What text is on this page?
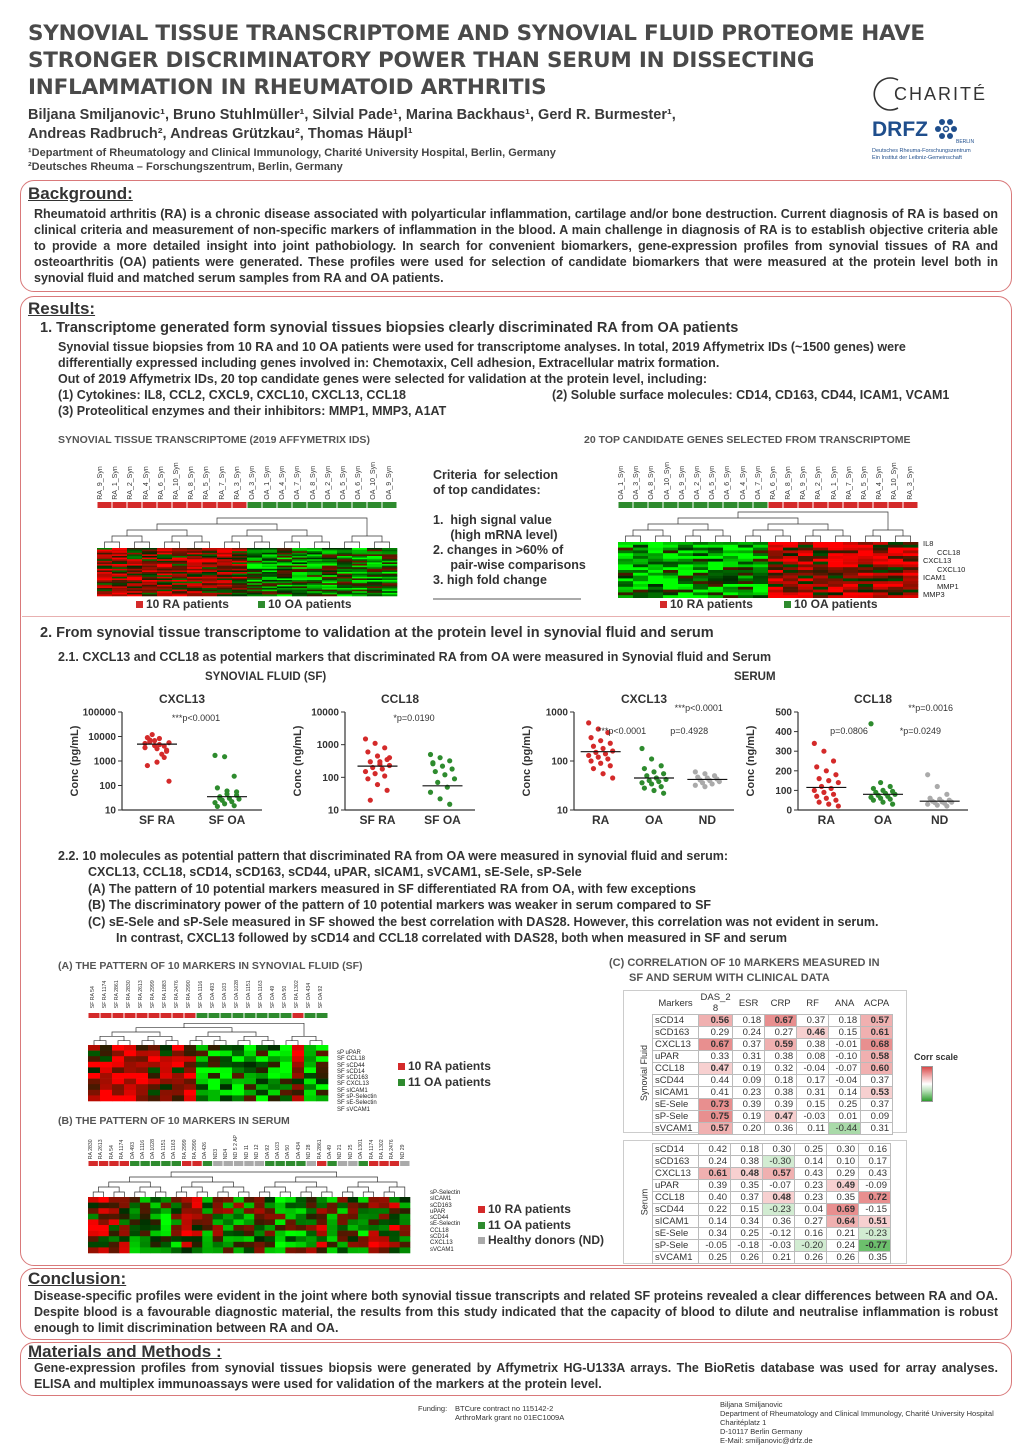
SYNOVIAL TISSUE TRANSCRIPTOME AND SYNOVIAL FLUID PROTEOME HAVE STRONGER DISCRIMINATORY POWER THAN SERUM IN DISSECTING INFLAMMATION IN RHEUMATOID ARTHRITIS
Biljana Smiljanovic¹, Bruno Stuhlmüller¹, Silvial Pade¹, Marina Backhaus¹, Gerd R. Burmester¹,
Andreas Radbruch², Andreas Grützkau², Thomas Häupl¹
¹Department of Rheumatology and Clinical Immunology, Charité University Hospital, Berlin, Germany
²Deutsches Rheuma – Forschungszentrum, Berlin, Germany
CHARITÉ
DRFZ
BERLIN
Deutsches Rheuma-Forschungszentrum
Ein Institut der Leibniz-Gemeinschaft
Background:
Rheumatoid arthritis (RA) is a chronic disease associated with polyarticular inflammation, cartilage and/or bone destruction. Current diagnosis of RA is based on clinical criteria and measurement of non-specific markers of inflammation in the blood. A main challenge in diagnosis of RA is to establish objective criteria able to provide a more detailed insight into joint pathobiology. In search for convenient biomarkers, gene-expression profiles from synovial tissues of RA and osteoarthritis (OA) patients were generated. These profiles were used for selection of candidate biomarkers that were measured at the protein level both in synovial fluid and matched serum samples from RA and OA patients.
Results:
1. Transcriptome generated form synovial tissues biopsies clearly discriminated RA from OA patients
Synovial tissue biopsies from 10 RA and 10 OA patients were used for transcriptome analyses. In total, 2019 Affymetrix IDs (~1500 genes) were
differentially expressed including genes involved in: Chemotaxix, Cell adhesion, Extracellular matrix formation.
Out of 2019 Affymetrix IDs, 20 top candidate genes were selected for validation at the protein level, including:
(1) Cytokines: IL8, CCL2, CXCL9, CXCL10, CXCL13, CCL18	(2) Soluble surface molecules: CD14, CD163, CD44, ICAM1, VCAM1
(3) Proteolitical enzymes and their inhibitors: MMP1, MMP3, A1AT
SYNOVIAL TISSUE TRANSCRIPTOME (2019 AFFYMETRIX IDS)	20 TOP CANDIDATE GENES SELECTED FROM TRANSCRIPTOME
RA_9_Syn	RA_1_Syn	RA_2_Syn	RA_4_Syn	RA_6_Syn	RA_10_Syn	RA_8_Syn	RA_5_Syn	RA_7_Syn	RA_3_Syn	OA_3_Syn	OA_1_Syn	OA_4_Syn	OA_7_Syn	OA_8_Syn	OA_2_Syn	OA_5_Syn	OA_6_Syn	OA_10_Syn	OA_9_Syn
10 RA patients	10 OA patients
Criteria  for selection
of top candidates:
1.  high signal value
(high mRNA level)
2. changes in >60% of
pair-wise comparisons
3. high fold change
OA_1_Syn	OA_3_Syn	OA_8_Syn	OA_10_Syn	OA_9_Syn	OA_2_Syn	OA_5_Syn	OA_6_Syn	OA_4_Syn	OA_7_Syn	RA_6_Syn	RA_8_Syn	RA_9_Syn	RA_2_Syn	RA_1_Syn	RA_7_Syn	RA_5_Syn	RA_4_Syn	RA_10_Syn	RA_3_Syn
IL8
CCL18
CXCL13
CXCL10
ICAM1
MMP1
MMP3
10 RA patients	10 OA patients
2. From synovial tissue transcriptome to validation at the protein level in synovial fluid and serum
2.1. CXCL13 and CCL18 as potential markers that discriminated RA from OA were measured in Synovial fluid and Serum
SYNOVIAL FLUID (SF)	SERUM
CXCL13
10
100
1000
10000
100000
Conc (pg/mL)
SF RA	SF OA
***p<0.0001
CCL18
10
100
1000
10000
Conc (ng/mL)
SF RA SF OA
*p=0.0190
CXCL13
10
100
1000
Conc (pg/mL)
RA	OA	ND
***p<0.0001
***p<0.0001	p=0.4928
CCL18
0
100
200
300
400
500
Conc (ng/mL)
RA	OA	ND
**p=0.0016
p=0.0806	*p=0.0249
2.2. 10 molecules as potential pattern that discriminated RA from OA were measured in synovial fluid and serum:
CXCL13, CCL18, sCD14, sCD163, sCD44, uPAR, sICAM1, sVCAM1, sE-Sele, sP-Sele
(A) The pattern of 10 potential markers measured in SF differentiated RA from OA, with few exceptions
(B) The discriminatory power of the pattern of 10 potential markers was weaker in serum compared to SF
(C) sE-Sele and sP-Sele measured in SF showed the best correlation with DAS28. However, this correlation was not evident in serum.
In contrast, CXCL13 followed by sCD14 and CCL18 correlated with DAS28, both when measured in SF and serum
(A) THE PATTERN OF 10 MARKERS IN SYNOVIAL FLUID (SF)
SF RA 54	SF RA 1174	SF RA 2861	SF RA 2830	SF RA 2613	SF RA 2999	SF RA 1883	SF RA 2476	SF RA 2990	SF OA 1116	SF OA 493	SF OA 103	SF OA 1028	SF OA 1151	SF OA 1163	SF OA 49	SF OA 50	SF RA 1302	SF OA 434	SF OA 92
sP uPAR
SF CCL18
SF sCD44
SF sCD14
SF sCD163
SF CXCL13
SF sICAM1
SF sP-Selectin
SF sE-Selectin
SF sVCAM1
10 RA patients
11 OA patients
(B) THE PATTERN OF 10 MARKERS IN SERUM
RA 2830 RA 2613 RA 54 RA 1174 OA 493 OA 1116 OA 1028 OA 1151 OA 1163 RA 2999 RA 2990 OA 426 ND3 ND4 ND 5 2 AP ND 11 ND 12 OA 92 OA 103 OA 50 OA 434 ND 28 RA 2861 OA 49 ND 21 ND 25 OA 1301 RA 1174 RA 1302 RA 2476 ND 29
sP-Selectin
sICAM1
sCD163
uPAR
sCD44
sE-Selectin
CCL18
sCD14
CXCL13
sVCAM1
10 RA patients
11 OA patients
Healthy donors (ND)
(C) CORRELATION OF 10 MARKERS MEASURED IN
SF AND SERUM WITH CLINICAL DATA
Synovial Fluid
Markers	DAS_2 8	ESR	CRP	RF	ANA	ACPA
sCD14	0.56	0.18	0.67	0.37	0.18	0.57
sCD163	0.29	0.24	0.27	0.46	0.15	0.61
CXCL13	0.67	0.37	0.59	0.38	-0.01	0.68
uPAR	0.33	0.31	0.38	0.08	-0.10	0.58
CCL18	0.47	0.19	0.32	-0.04	-0.07	0.60
sCD44	0.44	0.09	0.18	0.17	-0.04	0.37
sICAM1	0.41	0.23	0.38	0.31	0.14	0.53
sE-Sele	0.73	0.39	0.39	0.15	0.25	0.37
sP-Sele	0.75	0.19	0.47	-0.03	0.01	0.09
sVCAM1	0.57	0.20	0.36	0.11	-0.44	0.31
Serum
sCD14	0.42	0.18	0.30	0.25	0.30	0.16
sCD163	0.24	0.38	-0.30	0.14	0.10	0.17
CXCL13	0.61	0.48	0.57	0.43	0.29	0.43
uPAR	0.39	0.35	-0.07	0.23	0.49	-0.09
CCL18	0.40	0.37	0.48	0.23	0.35	0.72
sCD44	0.22	0.15	-0.23	0.04	0.69	-0.15
sICAM1	0.14	0.34	0.36	0.27	0.64	0.51
sE-Sele	0.34	0.25	-0.12	0.16	0.21	-0.23
sP-Sele	-0.05	-0.18	-0.03	-0.20	0.24	-0.77
sVCAM1	0.25	0.26	0.21	0.26	0.26	0.35
Corr scale
Conclusion:
Disease-specific profiles were evident in the joint where both synovial tissue transcripts and related SF proteins revealed a clear differences between RA and OA. Despite blood is a favourable diagnostic material, the results from this study indicated that the capacity of blood to dilute and neutralise inflammation is robust enough to limit discrimination between RA and OA.
Materials and Methods :
Gene-expression profiles from synovial tissues biopsis were generated by Affymetrix HG-U133A arrays. The BioRetis database was used for array analyses. ELISA and multiplex immunoassays were used for validation of the markers at the protein level.
Funding: BTCure contract no 115142-2
ArthroMark grant no 01EC1009A
Biljana Smiljanovic
Department of Rheumatology and Clinical Immunology, Charité University Hospital
Charitéplatz 1
D-10117 Berlin Germany
E-Mail: smiljanovic@drfz.de
